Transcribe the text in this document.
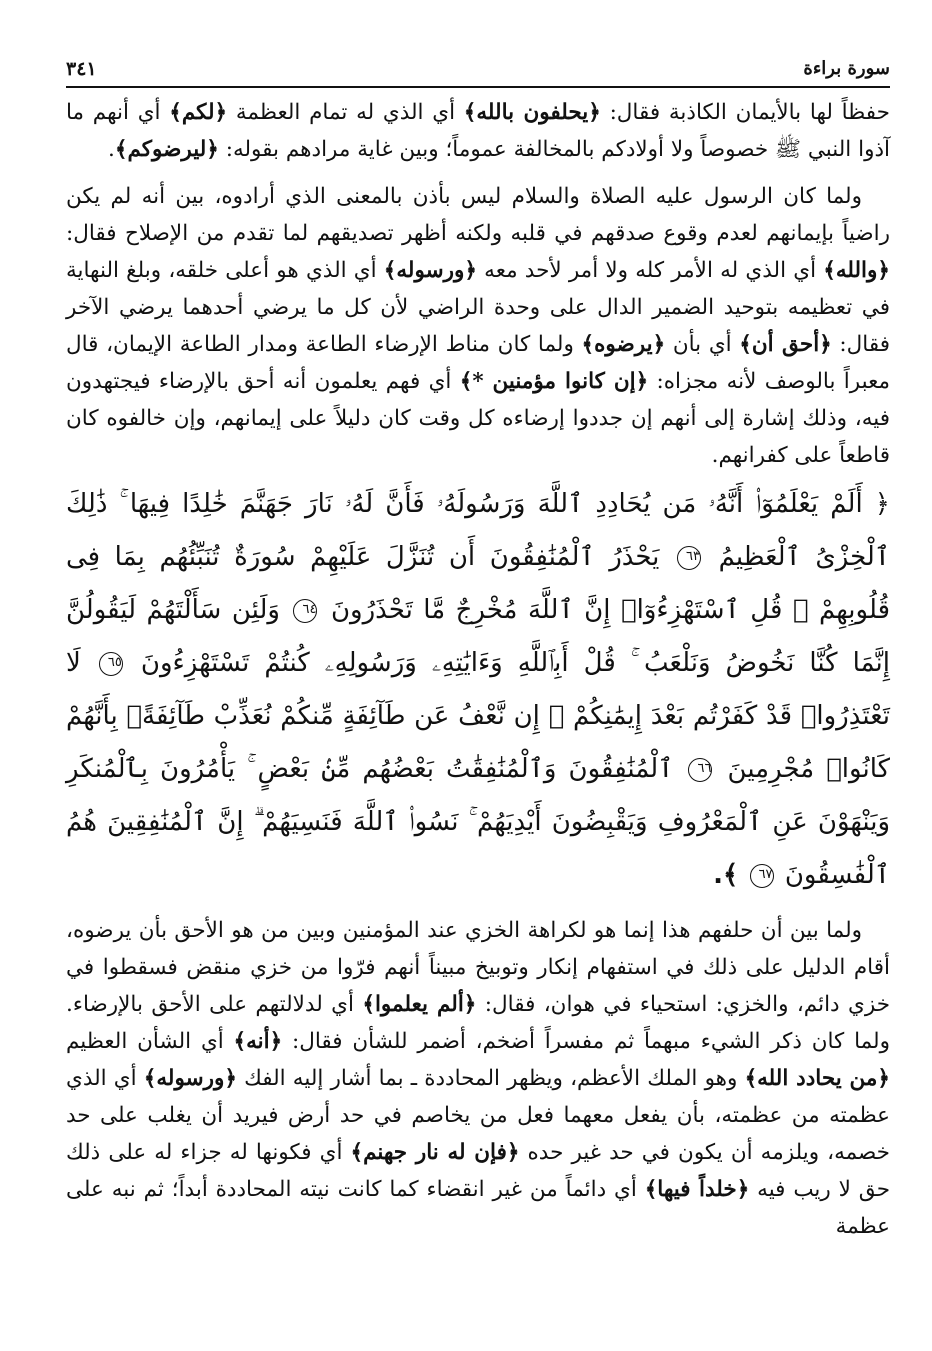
سورة براءة
٣٤١

حفظاً لها بالأيمان الكاذبة فقال: ﴿يحلفون بالله﴾ أي الذي له تمام العظمة ﴿لكم﴾ أي أنهم ما آذوا النبي ﷺ خصوصاً ولا أولادكم بالمخالفة عموماً؛ وبين غاية مرادهم بقوله: ﴿ليرضوكم﴾.

ولما كان الرسول عليه الصلاة والسلام ليس بأذن بالمعنى الذي أرادوه، بين أنه لم يكن راضياً بإيمانهم لعدم وقوع صدقهم في قلبه ولكنه أظهر تصديقهم لما تقدم من الإصلاح فقال: ﴿والله﴾ أي الذي له الأمر كله ولا أمر لأحد معه ﴿ورسوله﴾ أي الذي هو أعلى خلقه، وبلغ النهاية في تعظيمه بتوحيد الضمير الدال على وحدة الراضي لأن كل ما يرضي أحدهما يرضي الآخر فقال: ﴿أحق أن﴾ أي بأن ﴿يرضوه﴾ ولما كان مناط الإرضاء الطاعة ومدار الطاعة الإيمان، قال معبراً بالوصف لأنه مجزاه: ﴿إن كانوا مؤمنين *﴾ أي فهم يعلمون أنه أحق بالإرضاء فيجتهدون فيه، وذلك إشارة إلى أنهم إن جددوا إرضاءه كل وقت كان دليلاً على إيمانهم، وإن خالفوه كان قاطعاً على كفرانهم.

﴿ أَلَمْ يَعْلَمُوٓا۟ أَنَّهُۥ مَن يُحَادِدِ ٱللَّهَ وَرَسُولَهُۥ فَأَنَّ لَهُۥ نَارَ جَهَنَّمَ خَٰلِدًا فِيهَا ۚ ذَٰلِكَ ٱلْخِزْىُ ٱلْعَظِيمُ ٦٣ يَحْذَرُ ٱلْمُنَٰفِقُونَ أَن تُنَزَّلَ عَلَيْهِمْ سُورَةٌ تُنَبِّئُهُم بِمَا فِى قُلُوبِهِمْ ۚ قُلِ ٱسْتَهْزِءُوٓا۟ إِنَّ ٱللَّهَ مُخْرِجٌ مَّا تَحْذَرُونَ ٦٤ وَلَئِن سَأَلْتَهُمْ لَيَقُولُنَّ إِنَّمَا كُنَّا نَخُوضُ وَنَلْعَبُ ۚ قُلْ أَبِٱللَّهِ وَءَايَٰتِهِۦ وَرَسُولِهِۦ كُنتُمْ تَسْتَهْزِءُونَ ٦٥ لَا تَعْتَذِرُوا۟ قَدْ كَفَرْتُم بَعْدَ إِيمَٰنِكُمْ ۚ إِن نَّعْفُ عَن طَآئِفَةٍ مِّنكُمْ نُعَذِّبْ طَآئِفَةًۢ بِأَنَّهُمْ كَانُوا۟ مُجْرِمِينَ ٦٦ ٱلْمُنَٰفِقُونَ وَٱلْمُنَٰفِقَٰتُ بَعْضُهُم مِّنۢ بَعْضٍ ۚ يَأْمُرُونَ بِٱلْمُنكَرِ وَيَنْهَوْنَ عَنِ ٱلْمَعْرُوفِ وَيَقْبِضُونَ أَيْدِيَهُمْ ۚ نَسُوا۟ ٱللَّهَ فَنَسِيَهُمْ ۗ إِنَّ ٱلْمُنَٰفِقِينَ هُمُ ٱلْفَٰسِقُونَ ٦٧ ﴾.

ولما بين أن حلفهم هذا إنما هو لكراهة الخزي عند المؤمنين وبين من هو الأحق بأن يرضوه، أقام الدليل على ذلك في استفهام إنكار وتوبيخ مبيناً أنهم فرّوا من خزي منقض فسقطوا في خزي دائم، والخزي: استحياء في هوان، فقال: ﴿ألم يعلموا﴾ أي لدلالتهم على الأحق بالإرضاء. ولما كان ذكر الشيء مبهماً ثم مفسراً أضخم، أضمر للشأن فقال: ﴿أنه﴾ أي الشأن العظيم ﴿من يحادد الله﴾ وهو الملك الأعظم، ويظهر المحاددة ـ بما أشار إليه الفك ﴿ورسوله﴾ أي الذي عظمته من عظمته، بأن يفعل معهما فعل من يخاصم في حد أرض فيريد أن يغلب على حد خصمه، ويلزمه أن يكون في حد غير حده ﴿فإن له نار جهنم﴾ أي فكونها له جزاء له على ذلك حق لا ريب فيه ﴿خلداً فيها﴾ أي دائماً من غير انقضاء كما كانت نيته المحاددة أبداً؛ ثم نبه على عظمة
